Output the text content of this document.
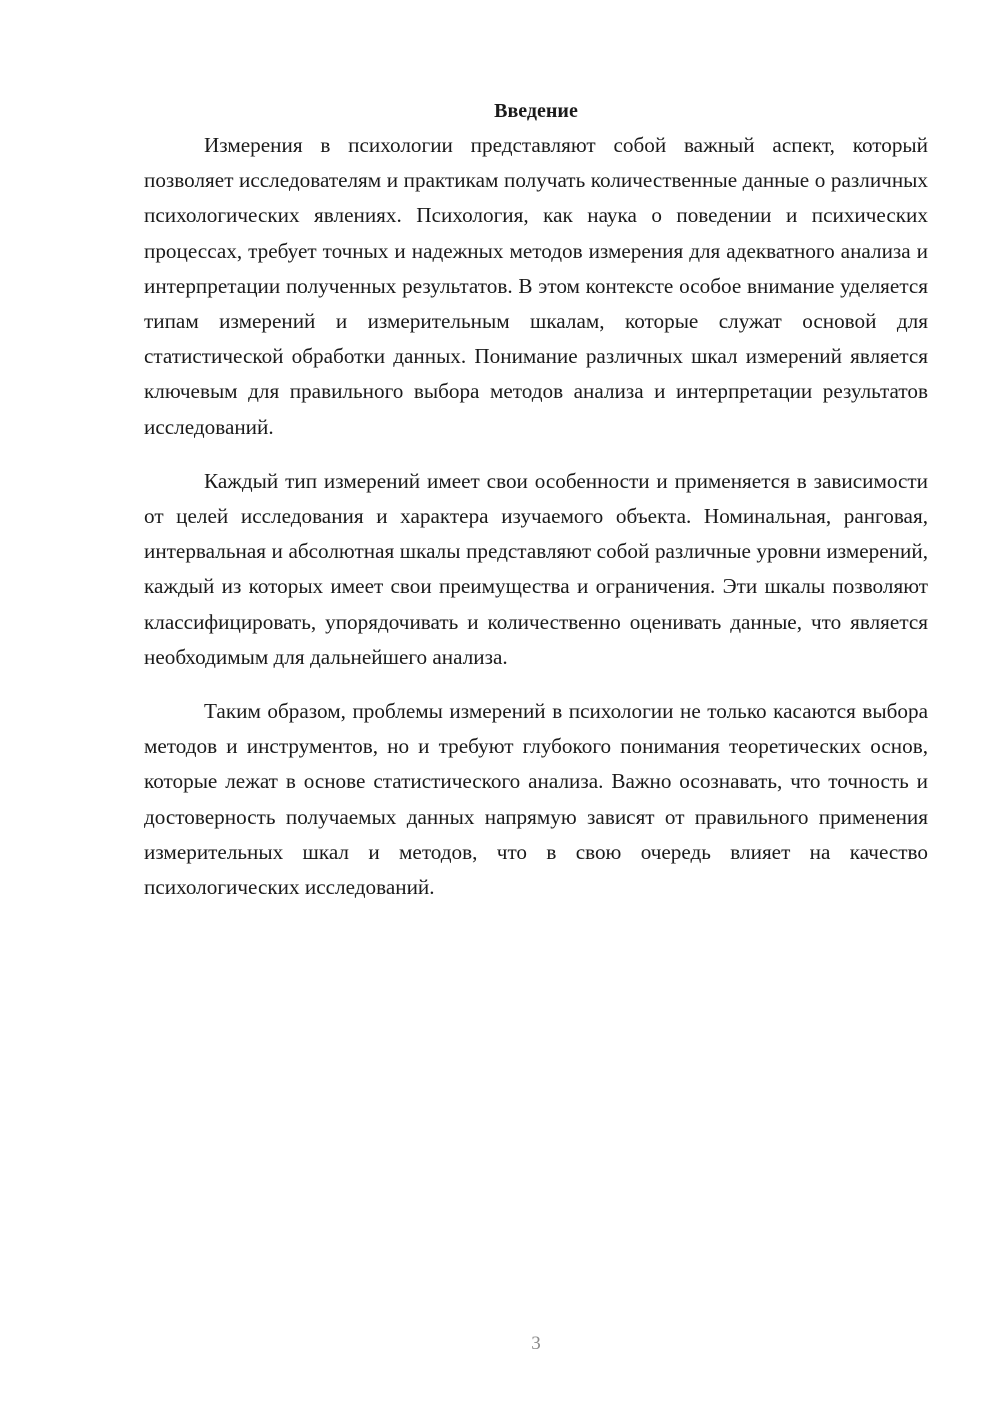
Введение

Измерения в психологии представляют собой важный аспект, который позволяет исследователям и практикам получать количественные данные о различных психологических явлениях. Психология, как наука о поведении и психических процессах, требует точных и надежных методов измерения для адекватного анализа и интерпретации полученных результатов. В этом контексте особое внимание уделяется типам измерений и измерительным шкалам, которые служат основой для статистической обработки данных. Понимание различных шкал измерений является ключевым для правильного выбора методов анализа и интерпретации результатов исследований.

Каждый тип измерений имеет свои особенности и применяется в зависимости от целей исследования и характера изучаемого объекта. Номинальная, ранговая, интервальная и абсолютная шкалы представляют собой различные уровни измерений, каждый из которых имеет свои преимущества и ограничения. Эти шкалы позволяют классифицировать, упорядочивать и количественно оценивать данные, что является необходимым для дальнейшего анализа.

Таким образом, проблемы измерений в психологии не только касаются выбора методов и инструментов, но и требуют глубокого понимания теоретических основ, которые лежат в основе статистического анализа. Важно осознавать, что точность и достоверность получаемых данных напрямую зависят от правильного применения измерительных шкал и методов, что в свою очередь влияет на качество психологических исследований.

3
